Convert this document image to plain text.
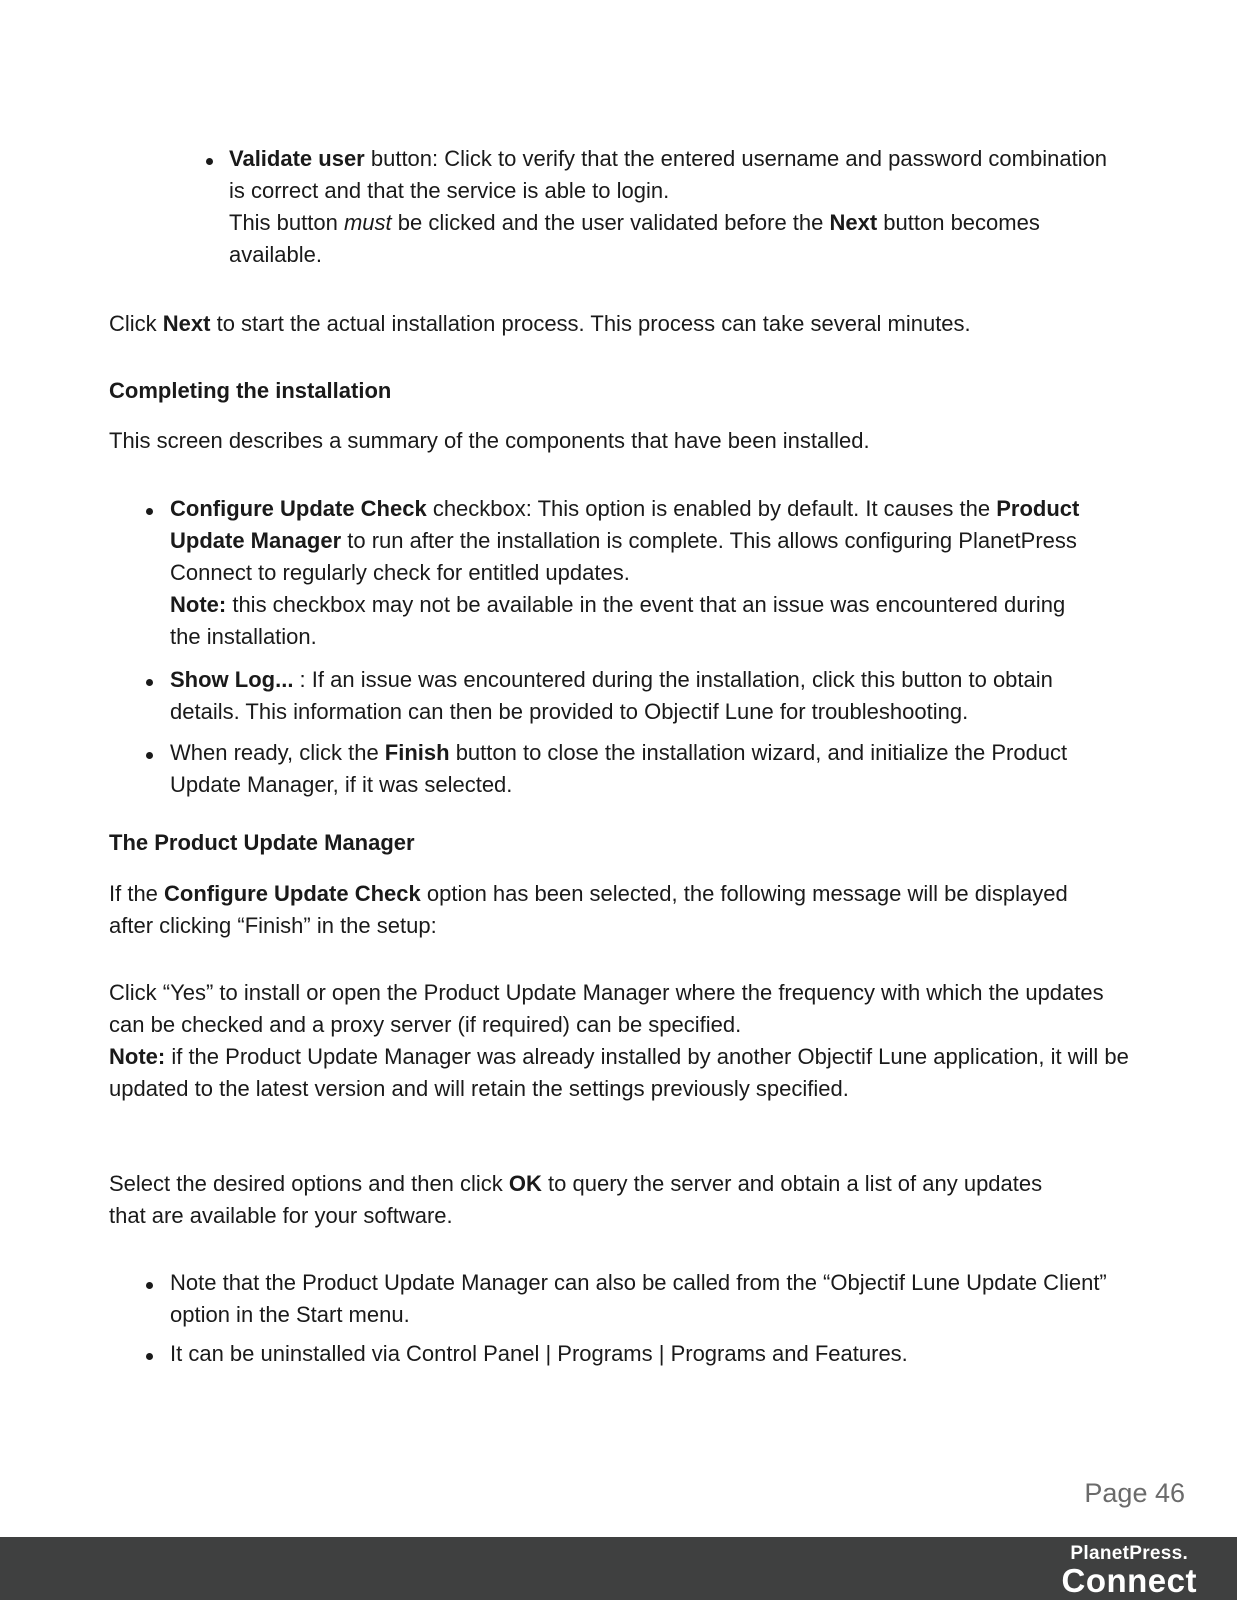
Validate user button: Click to verify that the entered username and password combination is correct and that the service is able to login.
This button must be clicked and the user validated before the Next button becomes available.

Click Next to start the actual installation process. This process can take several minutes.

Completing the installation

This screen describes a summary of the components that have been installed.

Configure Update Check checkbox: This option is enabled by default. It causes the Product Update Manager to run after the installation is complete. This allows configuring PlanetPress Connect to regularly check for entitled updates.
Note: this checkbox may not be available in the event that an issue was encountered during the installation.

Show Log... : If an issue was encountered during the installation, click this button to obtain details. This information can then be provided to Objectif Lune for troubleshooting.

When ready, click the Finish button to close the installation wizard, and initialize the Product Update Manager, if it was selected.

The Product Update Manager

If the Configure Update Check option has been selected, the following message will be displayed after clicking “Finish” in the setup:

Click “Yes” to install or open the Product Update Manager where the frequency with which the updates can be checked and a proxy server (if required) can be specified.
Note: if the Product Update Manager was already installed by another Objectif Lune application, it will be updated to the latest version and will retain the settings previously specified.

Select the desired options and then click OK to query the server and obtain a list of any updates that are available for your software.

Note that the Product Update Manager can also be called from the “Objectif Lune Update Client” option in the Start menu.

It can be uninstalled via Control Panel | Programs | Programs and Features.

Page 46
PlanetPress.
Connect
